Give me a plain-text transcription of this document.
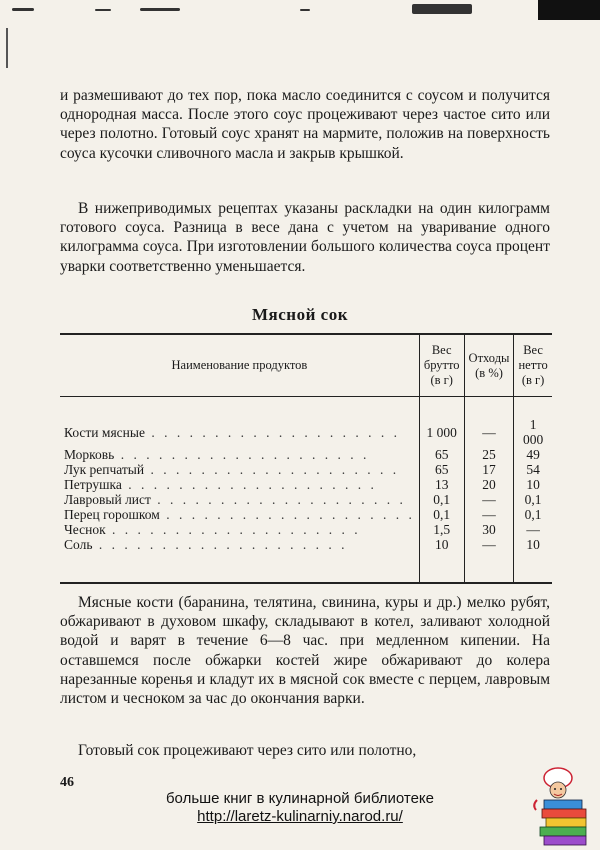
и размешивают до тех пор, пока масло соединится с соусом и получится однородная масса. После этого соус процеживают через частое сито или через полотно. Готовый соус хранят на мармите, положив на поверхность соуса кусочки сливочного масла и закрыв крышкой.

В нижеприводимых рецептах указаны раскладки на один килограмм готового соуса. Разница в весе дана с учетом на уваривание одного килограмма соуса. При изготовлении большого количества соуса процент уварки соответственно уменьшается.

Мясной сок
Наименование продуктов	Вес брутто (в г)	Отходы (в %)	Вес нетто (в г)

Кости мясные . . . . . . . . . . . . . . . . . . . .	1 000	—	1 000
Морковь . . . . . . . . . . . . . . . . . . . .	65	25	49
Лук репчатый . . . . . . . . . . . . . . . . . . . .	65	17	54
Петрушка . . . . . . . . . . . . . . . . . . . .	13	20	10
Лавровый лист . . . . . . . . . . . . . . . . . . . .	0,1	—	0,1
Перец горошком . . . . . . . . . . . . . . . . . . . .	0,1	—	0,1
Чеснок . . . . . . . . . . . . . . . . . . . .	1,5	30	—
Соль . . . . . . . . . . . . . . . . . . . .	10	—	10

Мясные кости (баранина, телятина, свинина, куры и др.) мелко рубят, обжаривают в духовом шкафу, складывают в котел, заливают холодной водой и варят в течение 6—8 час. при медленном кипении. На оставшемся после обжарки костей жире обжаривают до колера нарезанные коренья и кладут их в мясной сок вместе с перцем, лавровым листом и чесноком за час до окончания варки.

Готовый сок процеживают через сито или полотно,

46
больше книг в кулинарной библиотеке
http://laretz-kulinarniy.narod.ru/
